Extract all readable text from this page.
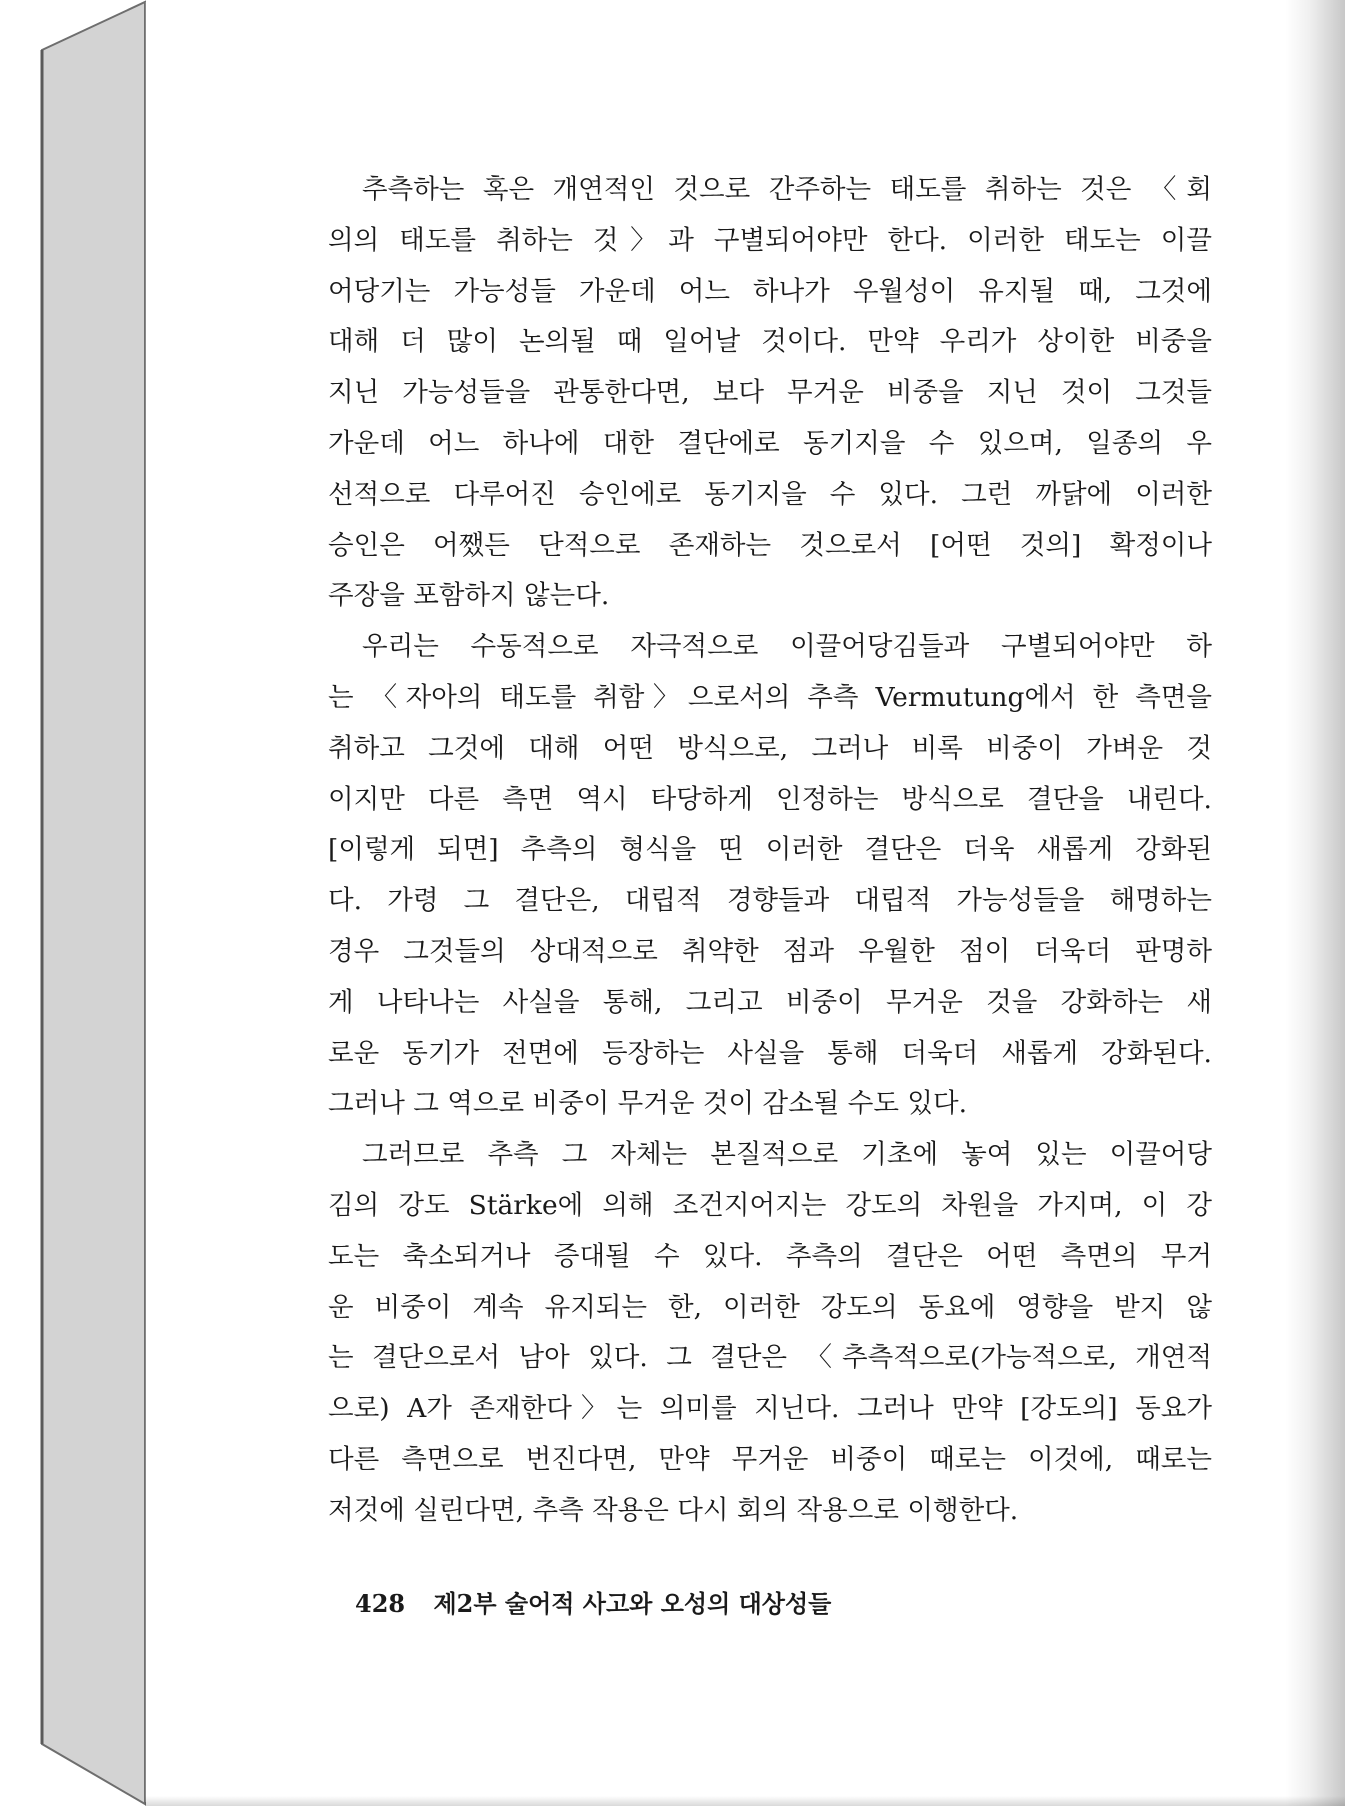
추측하는 혹은 개연적인 것으로 간주하는 태도를 취하는 것은 〈회
의의 태도를 취하는 것〉과 구별되어야만 한다. 이러한 태도는 이끌
어당기는 가능성들 가운데 어느 하나가 우월성이 유지될 때, 그것에
대해 더 많이 논의될 때 일어날 것이다. 만약 우리가 상이한 비중을
지닌 가능성들을 관통한다면, 보다 무거운 비중을 지닌 것이 그것들
가운데 어느 하나에 대한 결단에로 동기지을 수 있으며, 일종의 우
선적으로 다루어진 승인에로 동기지을 수 있다. 그런 까닭에 이러한
승인은 어쨌든 단적으로 존재하는 것으로서 [어떤 것의] 확정이나
주장을 포함하지 않는다.
우리는 수동적으로 자극적으로 이끌어당김들과 구별되어야만 하
는 〈자아의 태도를 취함〉으로서의 추측 Vermutung에서 한 측면을
취하고 그것에 대해 어떤 방식으로, 그러나 비록 비중이 가벼운 것
이지만 다른 측면 역시 타당하게 인정하는 방식으로 결단을 내린다.
[이렇게 되면] 추측의 형식을 띤 이러한 결단은 더욱 새롭게 강화된
다. 가령 그 결단은, 대립적 경향들과 대립적 가능성들을 해명하는
경우 그것들의 상대적으로 취약한 점과 우월한 점이 더욱더 판명하
게 나타나는 사실을 통해, 그리고 비중이 무거운 것을 강화하는 새
로운 동기가 전면에 등장하는 사실을 통해 더욱더 새롭게 강화된다.
그러나 그 역으로 비중이 무거운 것이 감소될 수도 있다.
그러므로 추측 그 자체는 본질적으로 기초에 놓여 있는 이끌어당
김의 강도 Stärke에 의해 조건지어지는 강도의 차원을 가지며, 이 강
도는 축소되거나 증대될 수 있다. 추측의 결단은 어떤 측면의 무거
운 비중이 계속 유지되는 한, 이러한 강도의 동요에 영향을 받지 않
는 결단으로서 남아 있다. 그 결단은 〈추측적으로(가능적으로, 개연적
으로) A가 존재한다〉는 의미를 지닌다. 그러나 만약 [강도의] 동요가
다른 측면으로 번진다면, 만약 무거운 비중이 때로는 이것에, 때로는
저것에 실린다면, 추측 작용은 다시 회의 작용으로 이행한다.
428 제2부 술어적 사고와 오성의 대상성들
